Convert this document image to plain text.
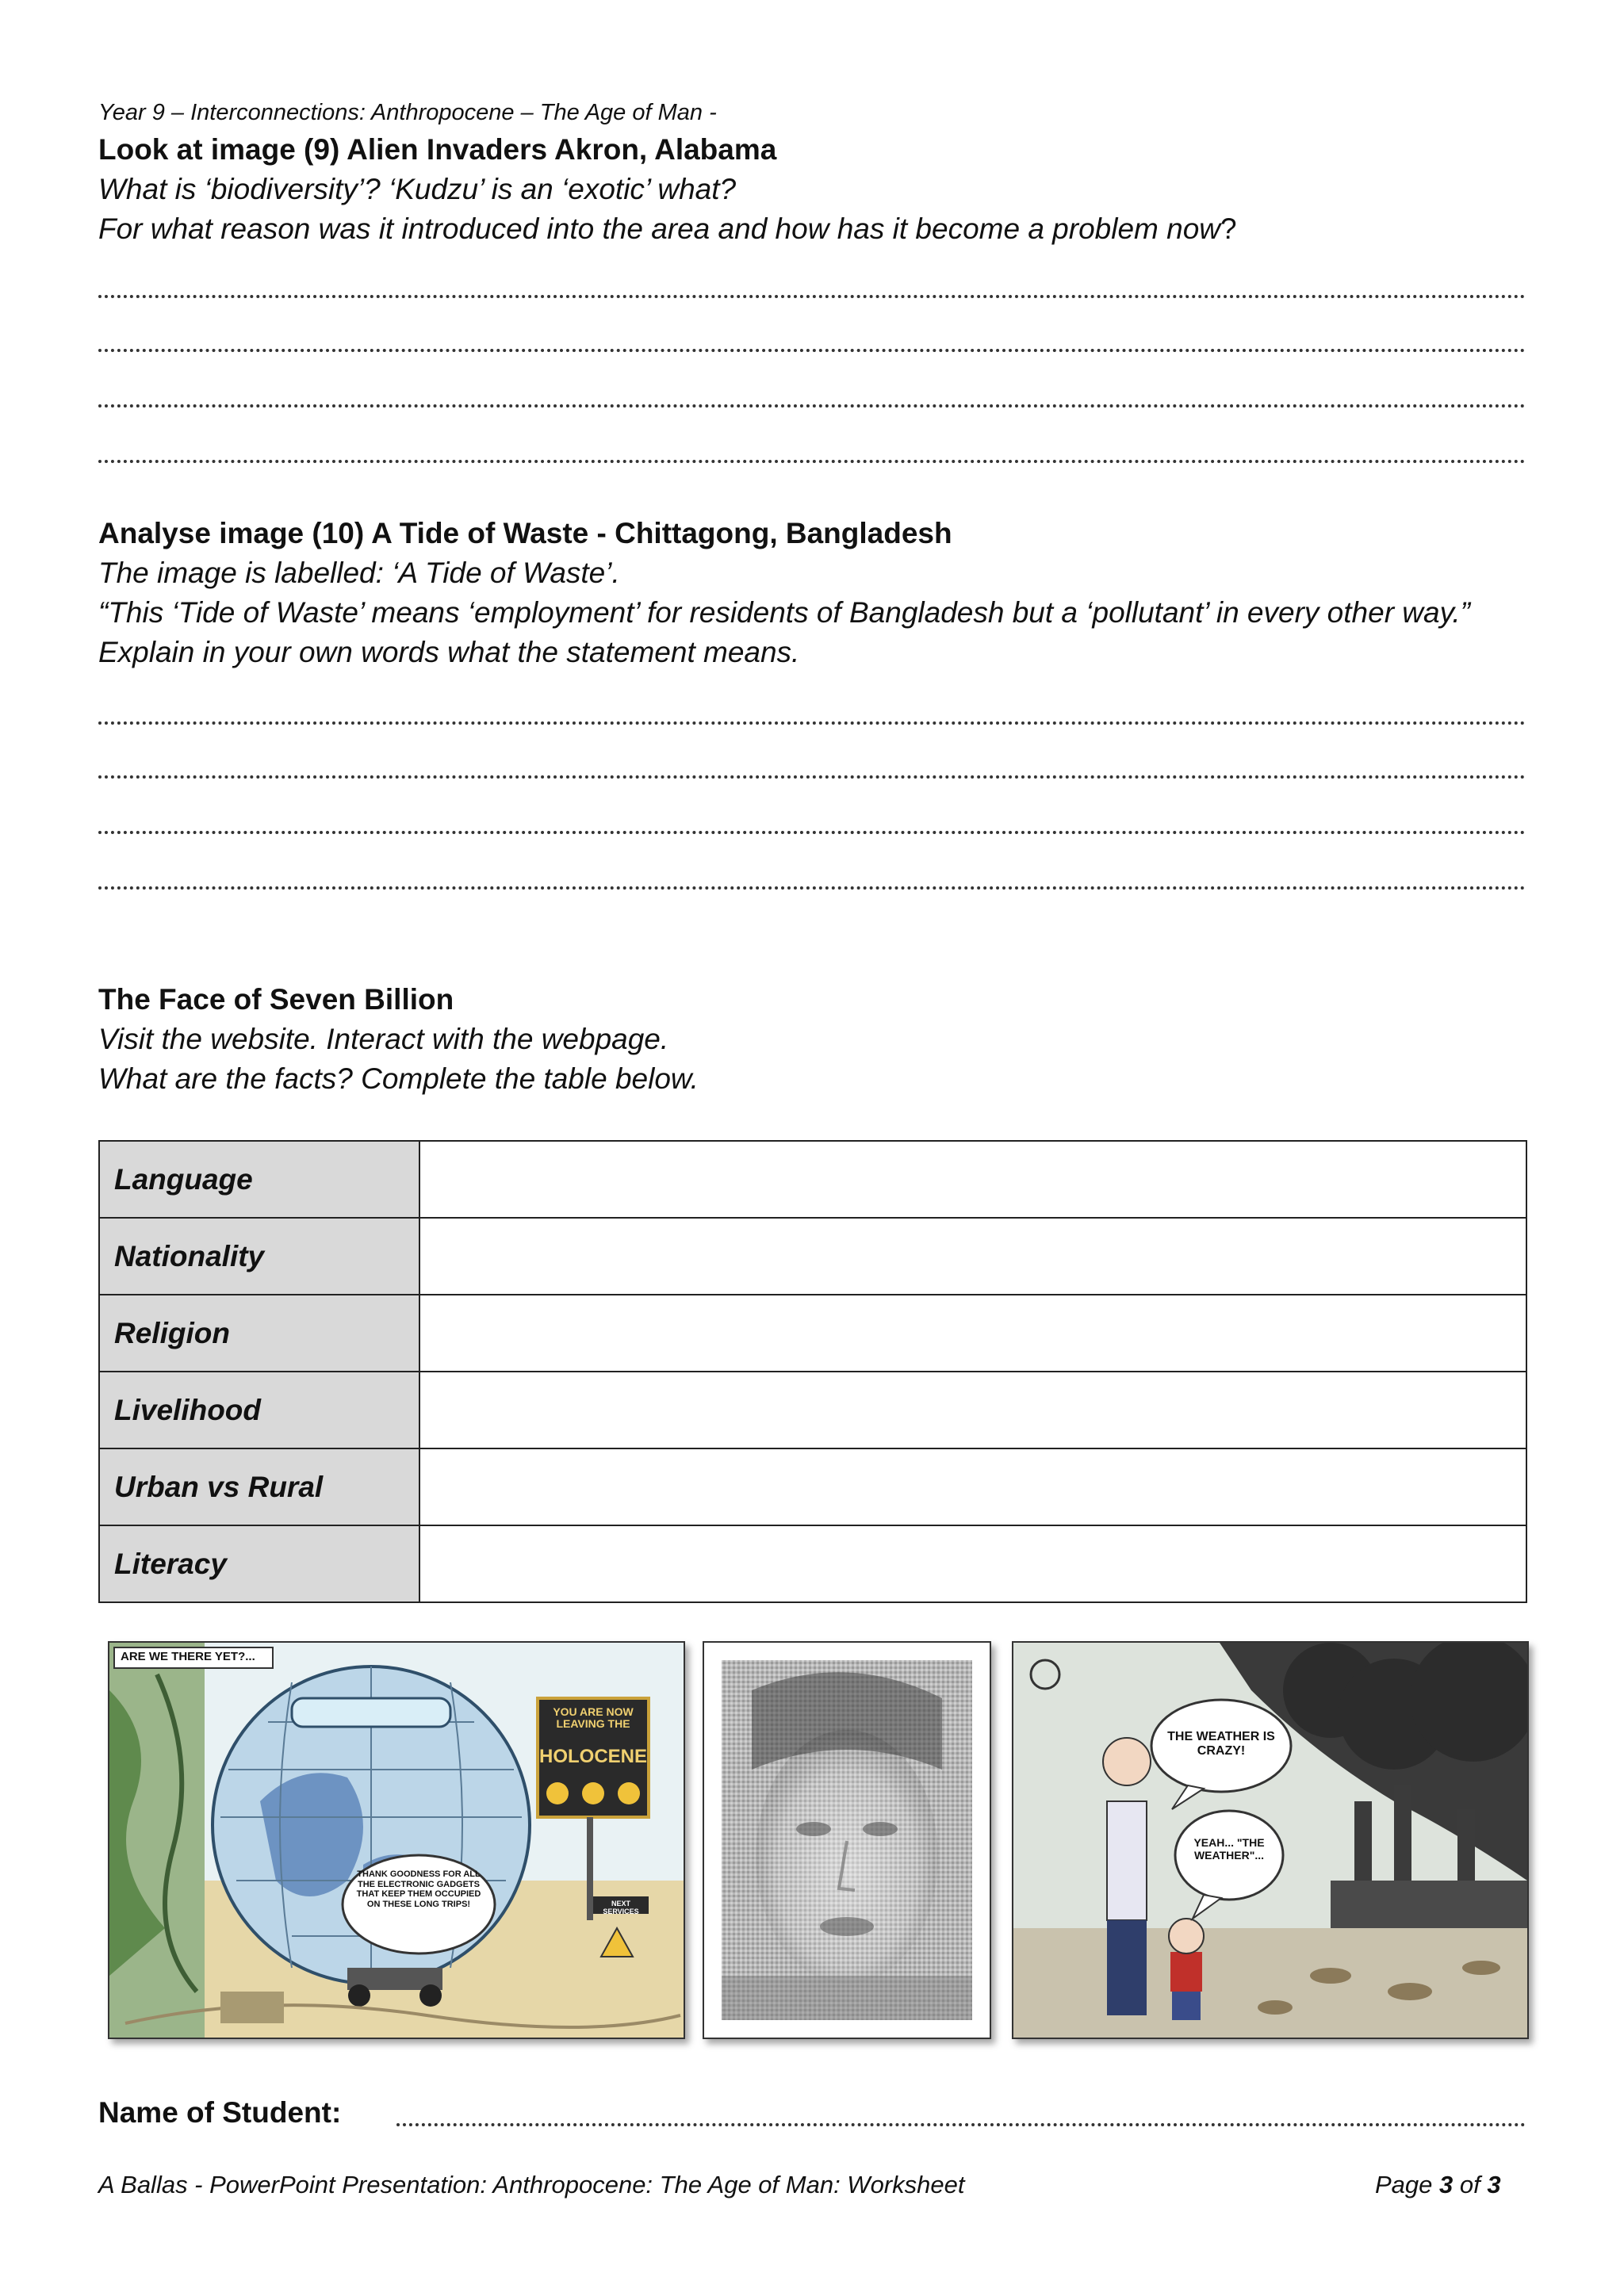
Year 9 – Interconnections: Anthropocene – The Age of Man -
Look at image (9) Alien Invaders Akron, Alabama
What is ‘biodiversity’? ‘Kudzu’ is an ‘exotic’ what?
For what reason was it introduced into the area and how has it become a problem now?
Analyse image (10) A Tide of Waste - Chittagong, Bangladesh
The image is labelled: ‘A Tide of Waste’.
“This ‘Tide of Waste’ means ‘employment’ for residents of Bangladesh but a ‘pollutant’ in every other way.”
Explain in your own words what the statement means.
The Face of Seven Billion
Visit the website. Interact with the webpage.
What are the facts? Complete the table below.
Language	
Nationality	
Religion	
Livelihood	
Urban vs Rural	
Literacy	
ARE WE THERE YET?...
YOU ARE NOW LEAVING THE
HOLOCENE
THANK GOODNESS FOR ALL THE ELECTRONIC GADGETS THAT KEEP THEM OCCUPIED ON THESE LONG TRIPS!	NEXT SERVICES
THE WEATHER IS CRAZY!
YEAH... "THE WEATHER"...
Name of Student:
A Ballas - PowerPoint Presentation: Anthropocene: The Age of Man: Worksheet	Page 3 of 3
